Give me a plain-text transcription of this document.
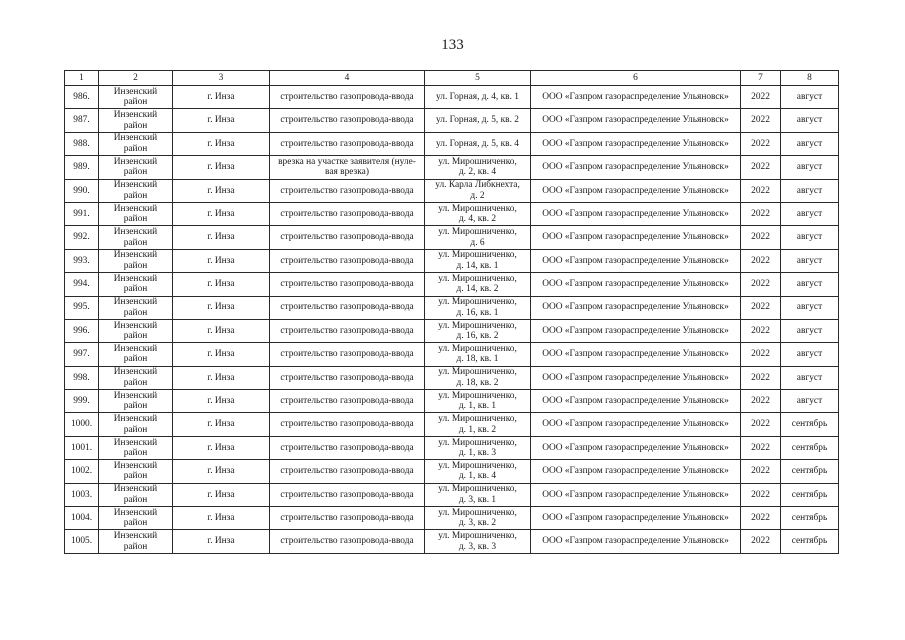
133
1	2	3	4	5	6	7	8

986.	Инзенский
район	г. Инза	строительство газопровода-ввода	ул. Горная, д. 4, кв. 1	ООО «Газпром газораспределение Ульяновск»	2022	август

987.	Инзенский
район	г. Инза	строительство газопровода-ввода	ул. Горная, д. 5, кв. 2	ООО «Газпром газораспределение Ульяновск»	2022	август

988.	Инзенский
район	г. Инза	строительство газопровода-ввода	ул. Горная, д. 5, кв. 4	ООО «Газпром газораспределение Ульяновск»	2022	август

989.	Инзенский
район	г. Инза	врезка на участке заявителя (нуле-
вая врезка)	ул. Мирошниченко,
д. 2, кв. 4	ООО «Газпром газораспределение Ульяновск»	2022	август

990.	Инзенский
район	г. Инза	строительство газопровода-ввода	ул. Карла Либкнехта,
д. 2	ООО «Газпром газораспределение Ульяновск»	2022	август

991.	Инзенский
район	г. Инза	строительство газопровода-ввода	ул. Мирошниченко,
д. 4, кв. 2	ООО «Газпром газораспределение Ульяновск»	2022	август

992.	Инзенский
район	г. Инза	строительство газопровода-ввода	ул. Мирошниченко,
д. 6	ООО «Газпром газораспределение Ульяновск»	2022	август

993.	Инзенский
район	г. Инза	строительство газопровода-ввода	ул. Мирошниченко,
д. 14, кв. 1	ООО «Газпром газораспределение Ульяновск»	2022	август

994.	Инзенский
район	г. Инза	строительство газопровода-ввода	ул. Мирошниченко,
д. 14, кв. 2	ООО «Газпром газораспределение Ульяновск»	2022	август

995.	Инзенский
район	г. Инза	строительство газопровода-ввода	ул. Мирошниченко,
д. 16, кв. 1	ООО «Газпром газораспределение Ульяновск»	2022	август

996.	Инзенский
район	г. Инза	строительство газопровода-ввода	ул. Мирошниченко,
д. 16, кв. 2	ООО «Газпром газораспределение Ульяновск»	2022	август

997.	Инзенский
район	г. Инза	строительство газопровода-ввода	ул. Мирошниченко,
д. 18, кв. 1	ООО «Газпром газораспределение Ульяновск»	2022	август

998.	Инзенский
район	г. Инза	строительство газопровода-ввода	ул. Мирошниченко,
д. 18, кв. 2	ООО «Газпром газораспределение Ульяновск»	2022	август

999.	Инзенский
район	г. Инза	строительство газопровода-ввода	ул. Мирошниченко,
д. 1, кв. 1	ООО «Газпром газораспределение Ульяновск»	2022	август

1000.	Инзенский
район	г. Инза	строительство газопровода-ввода	ул. Мирошниченко,
д. 1, кв. 2	ООО «Газпром газораспределение Ульяновск»	2022	сентябрь

1001.	Инзенский
район	г. Инза	строительство газопровода-ввода	ул. Мирошниченко,
д. 1, кв. 3	ООО «Газпром газораспределение Ульяновск»	2022	сентябрь

1002.	Инзенский
район	г. Инза	строительство газопровода-ввода	ул. Мирошниченко,
д. 1, кв. 4	ООО «Газпром газораспределение Ульяновск»	2022	сентябрь

1003.	Инзенский
район	г. Инза	строительство газопровода-ввода	ул. Мирошниченко,
д. 3, кв. 1	ООО «Газпром газораспределение Ульяновск»	2022	сентябрь

1004.	Инзенский
район	г. Инза	строительство газопровода-ввода	ул. Мирошниченко,
д. 3, кв. 2	ООО «Газпром газораспределение Ульяновск»	2022	сентябрь

1005.	Инзенский
район	г. Инза	строительство газопровода-ввода	ул. Мирошниченко,
д. 3, кв. 3	ООО «Газпром газораспределение Ульяновск»	2022	сентябрь
